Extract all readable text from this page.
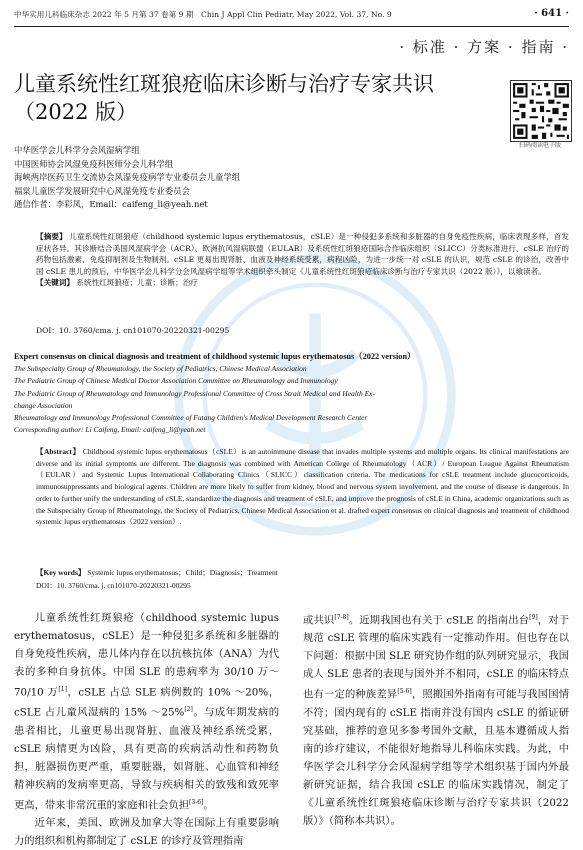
中华实用儿科临床杂志 2022 年 5 月第 37 卷第 9 期　Chin J Appl Clin Pediatr, May 2022, Vol. 37, No. 9	· 641 ·
· 标准 · 方案 · 指南 ·
儿童系统性红斑狼疮临床诊断与治疗专家共识
（2022 版）
扫码阅读电子版
中华医学会儿科学分会风湿病学组
中国医师协会风湿免疫科医师分会儿科学组
海峡两岸医药卫生交流协会风湿免疫病学专业委员会儿童学组
福棠儿童医学发展研究中心风湿免疫专业委员会
通信作者：李彩凤，Email：caifeng_li@yeah.net
【摘要】 儿童系统性红斑狼疮（childhood systemic lupus erythematosus，cSLE）是一种侵犯多系统和多脏器的自身免疫性疾病，临床表现多样，首发症状各异。其诊断结合美国风湿病学会（ACR）、欧洲抗风湿病联盟（EULAR）及系统性红斑狼疮国际合作临床组织（SLICC）分类标准进行，cSLE 治疗的药物包括激素、免疫抑制剂及生物制剂。cSLE 更易出现肾脏、血液及神经系统受累，病程凶险，为进一步统一对 cSLE 的认识，规范 cSLE 的诊治，改善中国 cSLE 患儿的预后，中华医学会儿科学分会风湿病学组等学术组织牵头制定《儿童系统性红斑狼疮临床诊断与治疗专家共识（2022 版）》，以飨读者。
【关键词】 系统性红斑狼疮；儿童；诊断；治疗
DOI：10. 3760/cma. j. cn101070-20220321-00295
Expert consensus on clinical diagnosis and treatment of childhood systemic lupus erythematosus（2022 version）
The Subspecialty Group of Rheumatology, the Society of Pediatrics, Chinese Medical Association
The Pediatric Group of Chinese Medical Doctor Association Committee on Rheumatology and Immunology
The Pediatric Group of Rheumatology and Immunology Professional Committee of Cross Strait Medical and Health Ex-
change Association
Rheumatology and Immunology Professional Committee of Futang Children's Medical Development Research Center
Corresponding author: Li Caifeng, Email: caifeng_li@yeah.net
【Abstract】 Childhood systemic lupus erythematosus（cSLE）is an autoimmune disease that invades multiple systems and multiple organs. Its clinical manifestations are diverse and its initial symptoms are different. The diagnosis was combined with American College of Rheumatology（ACR）/ European League Against Rheumatism（EULAR）and Systemic Lupus International Collaborating Clinics（SLICC）classification criteria. The medications for cSLE treatment include glucocorticoids, immunosuppressants and biological agents. Children are more likely to suffer from kidney, blood and nervous system involvement, and the course of disease is dangerous. In order to further unify the understanding of cSLE, standardize the diagnosis and treatment of cSLE, and improve the prognosis of cSLE in China, academic organizations such as the Subspecialty Group of Rheumatology, the Society of Pediatrics, Chinese Medical Association et al. drafted expert consensus on clinical diagnosis and treatment of childhood systemic lupus erythematosus（2022 version）.
【Key words】 Systemic lupus erythematosus；Child；Diagnosis；Treatment
DOI：10. 3760/cma. j. cn101070-20220321-00295

儿童系统性红斑狼疮（childhood systemic lupus erythematosus，cSLE）是一种侵犯多系统和多脏器的自身免疫性疾病，患儿体内存在以抗核抗体（ANA）为代表的多种自身抗体。中国 SLE 的患病率为 30/10 万～70/10 万[1]，cSLE 占总 SLE 病例数的 10% ～20%，cSLE 占儿童风湿病的 15% ～25%[2]。与成年期发病的患者相比，儿童更易出现肾脏、血液及神经系统受累，cSLE 病情更为凶险，具有更高的疾病活动性和药物负担，脏器损伤更严重，重要脏器，如肾脏、心血管和神经精神疾病的发病率更高，导致与疾病相关的致残和致死率更高，带来非常沉重的家庭和社会负担[3-6]。

近年来，美国、欧洲及加拿大等在国际上有重要影响力的组织和机构都制定了 cSLE 的诊疗及管理指南

或共识[7-8]。近期我国也有关于 cSLE 的指南出台[9]，对于规范 cSLE 管理的临床实践有一定推动作用。但也存在以下问题：根据中国 SLE 研究协作组的队列研究显示，我国成人 SLE 患者的表现与国外并不相同，cSLE 的临床特点也有一定的种族差异[5-6]，照搬国外指南有可能与我国国情不符；国内现有的 cSLE 指南并没有国内 cSLE 的循证研究基础，推荐的意见多参考国外文献，且基本遵循成人指南的诊疗建议，不能很好地指导儿科临床实践。为此，中华医学会儿科学分会风湿病学组等学术组织基于国内外最新研究证据，结合我国 cSLE 的临床实践情况，制定了《儿童系统性红斑狼疮临床诊断与治疗专家共识（2022 版）》（简称本共识）。
